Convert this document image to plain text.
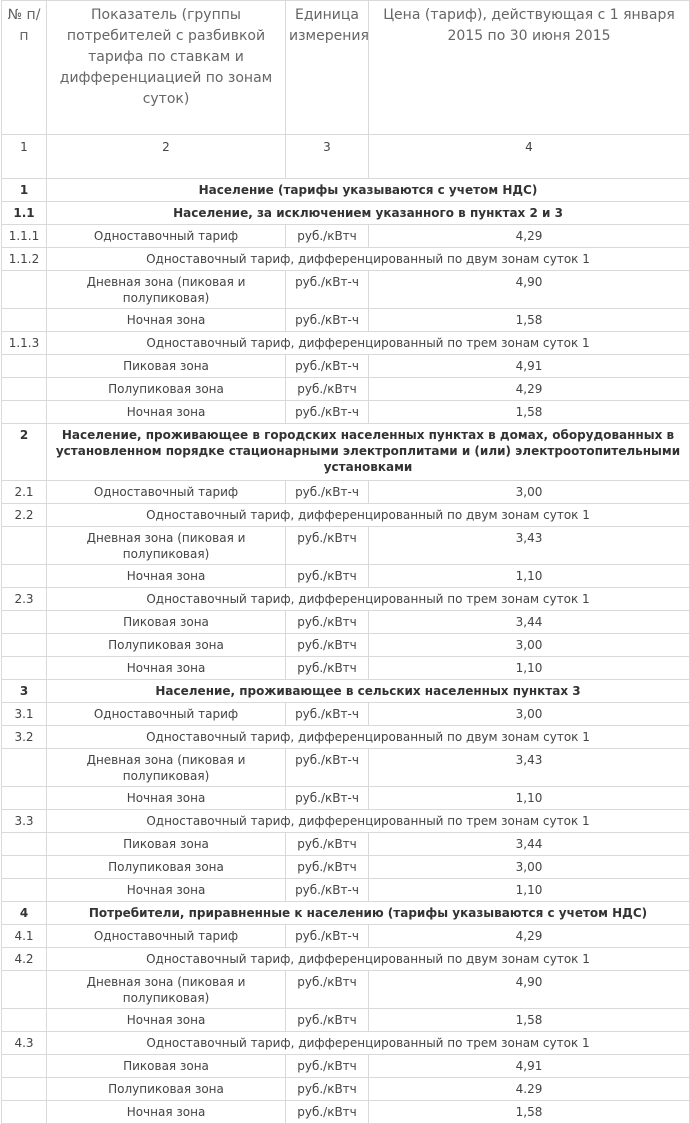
№ п/п	Показатель (группы потребителей с разбивкой тарифа по ставкам и дифференциацией по зонам суток)	Единица измерения	Цена (тариф), действующая с 1 января 2015 по 30 июня 2015
1	2	3	4
1	Население (тарифы указываются с учетом НДС)		
1.1	Население, за исключением указанного в пунктах 2 и 3		
1.1.1	Одноставочный тариф	руб./кВтч	4,29
1.1.2	Одноставочный тариф, дифференцированный по двум зонам суток 1		
	Дневная зона (пиковая и полупиковая)	руб./кВт-ч	4,90
	Ночная зона	руб./кВт-ч	1,58
1.1.3	Одноставочный тариф, дифференцированный по трем зонам суток 1		
	Пиковая зона	руб./кВт-ч	4,91
	Полупиковая зона	руб./кВтч	4,29
	Ночная зона	руб./кВт-ч	1,58
2	Население, проживающее в городских населенных пунктах в домах, оборудованных в установленном порядке стационарными электроплитами и (или) электроотопительными установками		
2.1	Одноставочный тариф	руб./кВт-ч	3,00
2.2	Одноставочный тариф, дифференцированный по двум зонам суток 1		
	Дневная зона (пиковая и полупиковая)	руб./кВтч	3,43
	Ночная зона	руб./кВтч	1,10
2.3	Одноставочный тариф, дифференцированный по трем зонам суток 1		
	Пиковая зона	руб./кВтч	3,44
	Полупиковая зона	руб./кВтч	3,00
	Ночная зона	руб./кВтч	1,10
3	Население, проживающее в сельских населенных пунктах 3		
3.1	Одноставочный тариф	руб./кВт-ч	3,00
3.2	Одноставочный тариф, дифференцированный по двум зонам суток 1		
	Дневная зона (пиковая и полупиковая)	руб./кВт-ч	3,43
	Ночная зона	руб./кВт-ч	1,10
3.3	Одноставочный тариф, дифференцированный по трем зонам суток 1		
	Пиковая зона	руб./кВтч	3,44
	Полупиковая зона	руб./кВтч	3,00
	Ночная зона	руб./кВт-ч	1,10
4	Потребители, приравненные к населению (тарифы указываются с учетом НДС)		
4.1	Одноставочный тариф	руб./кВт-ч	4,29
4.2	Одноставочный тариф, дифференцированный по двум зонам суток 1		
	Дневная зона (пиковая и полупиковая)	руб./кВтч	4,90
	Ночная зона	руб./кВтч	1,58
4.3	Одноставочный тариф, дифференцированный по трем зонам суток 1		
	Пиковая зона	руб./кВтч	4,91
	Полупиковая зона	руб./кВтч	4.29
	Ночная зона	руб./кВтч	1,58
